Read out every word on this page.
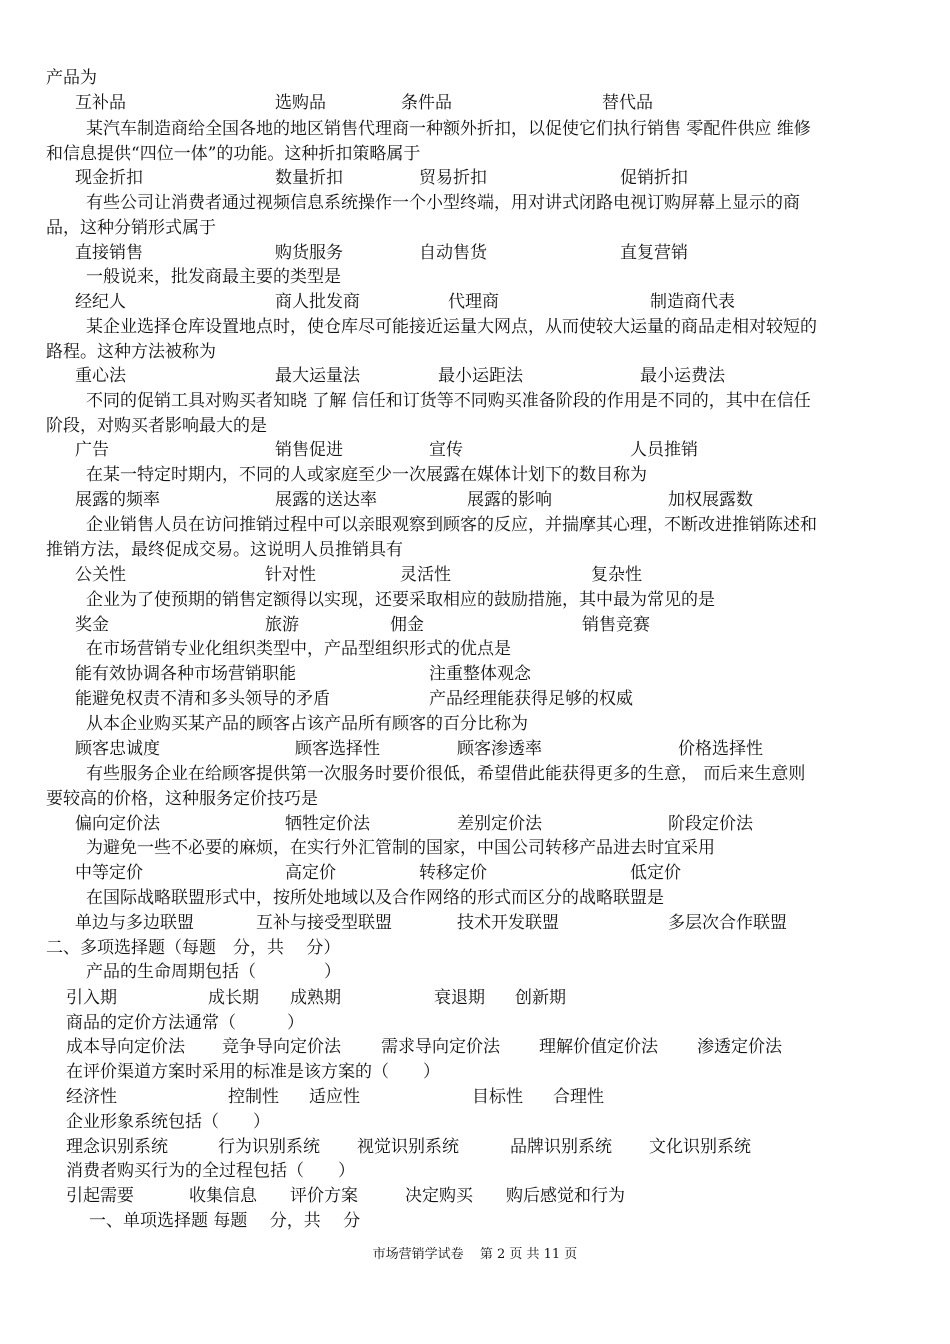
产品为
互补品	选购品	条件品	替代品
某汽车制造商给全国各地的地区销售代理商一种额外折扣，以促使它们执行销售 零配件供应 维修
和信息提供“四位一体”的功能。这种折扣策略属于
现金折扣	数量折扣	贸易折扣	促销折扣
有些公司让消费者通过视频信息系统操作一个小型终端，用对讲式闭路电视订购屏幕上显示的商
品，这种分销形式属于
直接销售	购货服务	自动售货	直复营销
一般说来，批发商最主要的类型是
经纪人	商人批发商	代理商	制造商代表
某企业选择仓库设置地点时，使仓库尽可能接近运量大网点，从而使较大运量的商品走相对较短的
路程。这种方法被称为
重心法	最大运量法	最小运距法	最小运费法
不同的促销工具对购买者知晓 了解 信任和订货等不同购买准备阶段的作用是不同的，其中在信任
阶段，对购买者影响最大的是
广告	销售促进	宣传	人员推销
在某一特定时期内，不同的人或家庭至少一次展露在媒体计划下的数目称为
展露的频率	展露的送达率	展露的影响	加权展露数
企业销售人员在访问推销过程中可以亲眼观察到顾客的反应，并揣摩其心理，不断改进推销陈述和
推销方法，最终促成交易。这说明人员推销具有
公关性	针对性	灵活性	复杂性
企业为了使预期的销售定额得以实现，还要采取相应的鼓励措施，其中最为常见的是
奖金	旅游	佣金	销售竞赛
在市场营销专业化组织类型中，产品型组织形式的优点是
能有效协调各种市场营销职能	注重整体观念
能避免权责不清和多头领导的矛盾	产品经理能获得足够的权威
从本企业购买某产品的顾客占该产品所有顾客的百分比称为
顾客忠诚度	顾客选择性	顾客渗透率	价格选择性
有些服务企业在给顾客提供第一次服务时要价很低，希望借此能获得更多的生意， 而后来生意则
要较高的价格，这种服务定价技巧是
偏向定价法	牺牲定价法	差别定价法	阶段定价法
为避免一些不必要的麻烦，在实行外汇管制的国家，中国公司转移产品进去时宜采用
中等定价	高定价	转移定价	低定价
在国际战略联盟形式中，按所处地域以及合作网络的形式而区分的战略联盟是
单边与多边联盟	互补与接受型联盟	技术开发联盟	多层次合作联盟
二、多项选择题（每题　分，共　 分）
产品的生命周期包括（　　　　）
引入期	成长期 成熟期	衰退期 创新期
商品的定价方法通常（　　　）
成本导向定价法 竞争导向定价法 需求导向定价法 理解价值定价法 渗透定价法
在评价渠道方案时采用的标准是该方案的（　　）
经济性	控制性 适应性	目标性 合理性
企业形象系统包括（　　）
理念识别系统	行为识别系统 视觉识别系统	品牌识别系统 文化识别系统
消费者购买行为的全过程包括（　　）
引起需要	收集信息 评价方案	决定购买 购后感觉和行为
一、单项选择题 每题　 分，共　 分
市场营销学试卷 第 2 页 共 11 页
